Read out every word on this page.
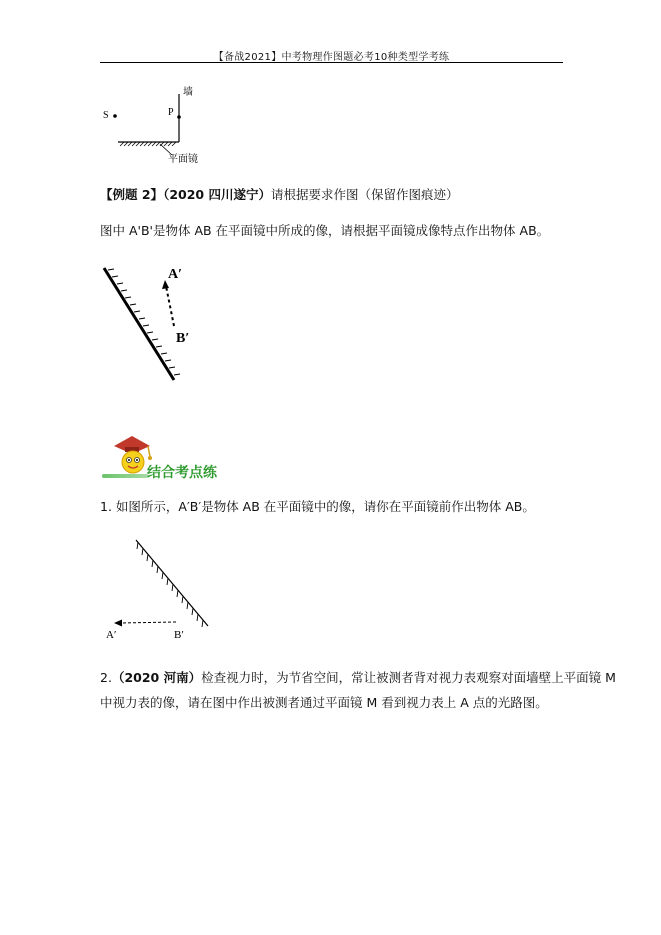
【备战2021】中考物理作图题必考10种类型学考练
S	P
墙
平面镜
【例题 2】（2020 四川遂宁）请根据要求作图（保留作图痕迹）
图中 A'B'是物体 AB 在平面镜中所成的像，请根据平面镜成像特点作出物体 AB。
A′
B′
结合考点练
1. 如图所示，A′B′是物体 AB 在平面镜中的像，请你在平面镜前作出物体 AB。
A′	B′
2.（2020 河南）检查视力时，为节省空间，常让被测者背对视力表观察对面墙壁上平面镜 M
中视力表的像，请在图中作出被测者通过平面镜 M 看到视力表上 A 点的光路图。
